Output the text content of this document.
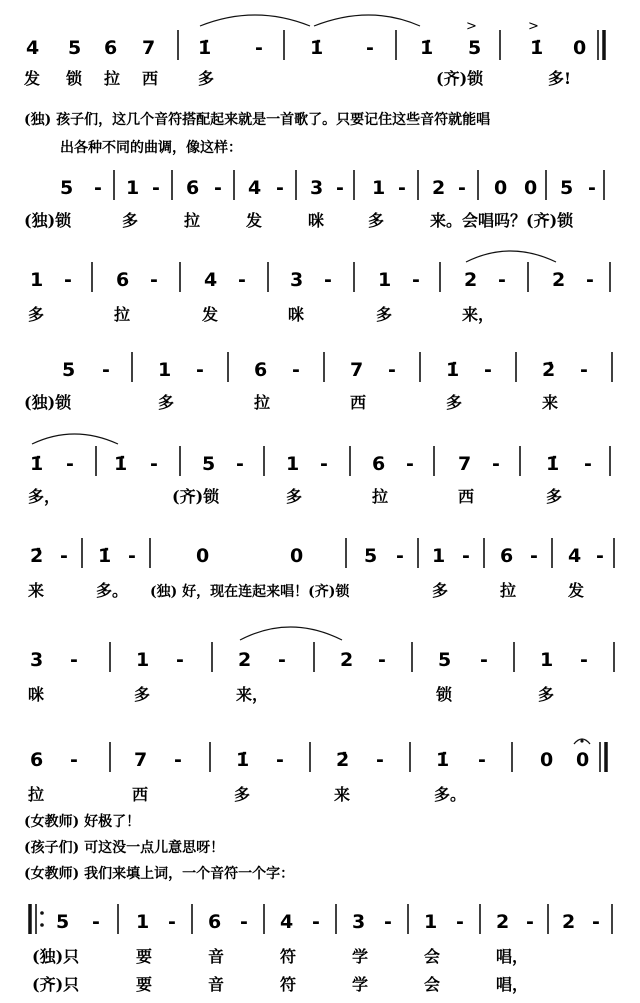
4 5 6 7 1̇ - 1̇ - 1̇ 5	1̇ 0
>	>
发 锁 拉 西 多	(齐)锁	多!
(独) 孩子们，这几个音符搭配起来就是一首歌了。只要记住这些音符就能唱
出各种不同的曲调，像这样：
5 - 1 - 6 - 4 - 3 - 1 - 2 - 0 0 5 -
(独)锁	多	拉	发	咪	多	来。会唱吗？(齐)锁
1 - 6 - 4 - 3 - 1 - 2 - 2 -
多	拉	发	咪	多	来，
5 -	1 -	6 -	7 -	1̇ -	2̇ -
(独)锁	多	拉	西	多	来
1̇ - 1̇ - 5 - 1 - 6 - 7 - 1̇ -
多，	(齐)锁	多	拉	西	多
2̇ - 1̇ -	0	0	5 - 1 - 6 - 4 -
来	多。 (独) 好，现在连起来唱！(齐)锁	多	拉	发
3 -	1 -	2 -	2 -	5 -	1 -
咪	多	来，	锁	多
6 -	7 -	1̇ -	2̇ -	1̇ -	0 0
拉	西	多	来	多。
(女教师) 好极了！
(孩子们) 可这没一点儿意思呀！
(女教师) 我们来填上词，一个音符一个字：
5 - 1 - 6 - 4 - 3 - 1 - 2 - 2 -
(独)只	要	音	符	学	会	唱，
(齐)只	要	音	符	学	会	唱，
